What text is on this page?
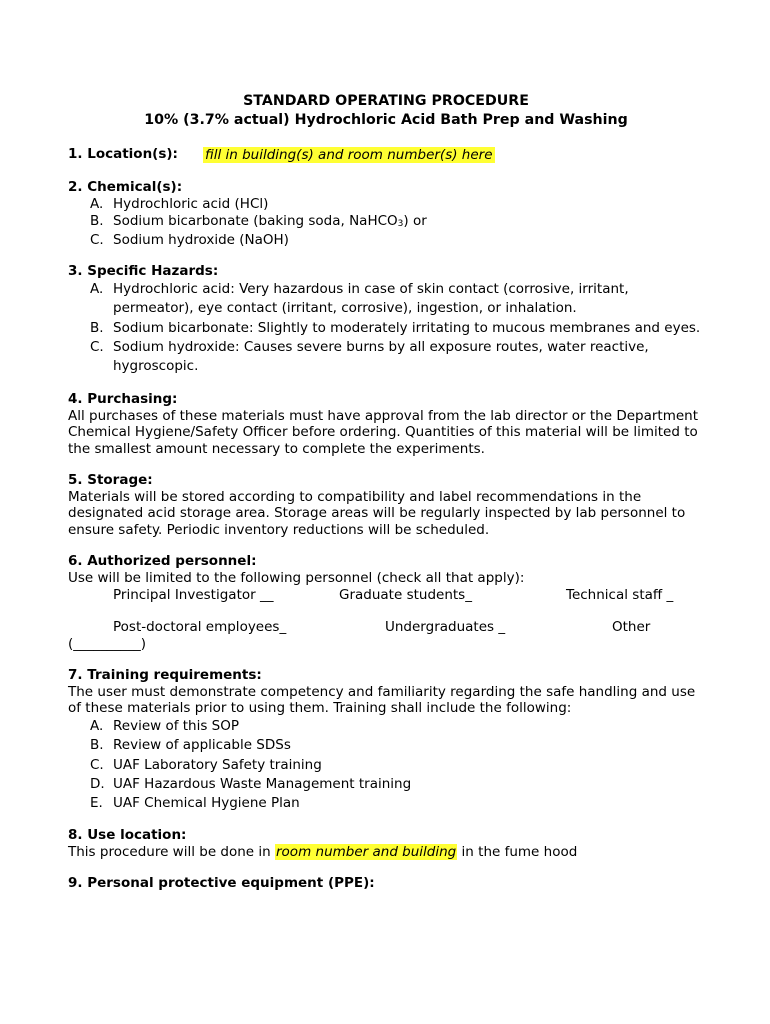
STANDARD OPERATING PROCEDURE
10% (3.7% actual) Hydrochloric Acid Bath Prep and Washing
1. Location(s):	fill in building(s) and room number(s) here
2. Chemical(s):
A. Hydrochloric acid (HCl)
B. Sodium bicarbonate (baking soda, NaHCO$_3$) or
C. Sodium hydroxide (NaOH)
3. Specific Hazards:
A. Hydrochloric acid: Very hazardous in case of skin contact (corrosive, irritant, permeator), eye contact (irritant, corrosive), ingestion, or inhalation.
B. Sodium bicarbonate: Slightly to moderately irritating to mucous membranes and eyes.
C. Sodium hydroxide: Causes severe burns by all exposure routes, water reactive, hygroscopic.
4. Purchasing:

All purchases of these materials must have approval from the lab director or the Department Chemical Hygiene/Safety Officer before ordering. Quantities of this material will be limited to the smallest amount necessary to complete the experiments.

5. Storage:

Materials will be stored according to compatibility and label recommendations in the designated acid storage area. Storage areas will be regularly inspected by lab personnel to ensure safety. Periodic inventory reductions will be scheduled.

6. Authorized personnel:

Use will be limited to the following personnel (check all that apply):

Principal Investigator __	Graduate students_	Technical staff _
Post-doctoral employees_	Undergraduates _	Other
(__________)
7. Training requirements:

The user must demonstrate competency and familiarity regarding the safe handling and use of these materials prior to using them. Training shall include the following:

A. Review of this SOP
B. Review of applicable SDSs
C. UAF Laboratory Safety training
D. UAF Hazardous Waste Management training
E. UAF Chemical Hygiene Plan
8. Use location:

This procedure will be done in room number and building in the fume hood

9. Personal protective equipment (PPE):
